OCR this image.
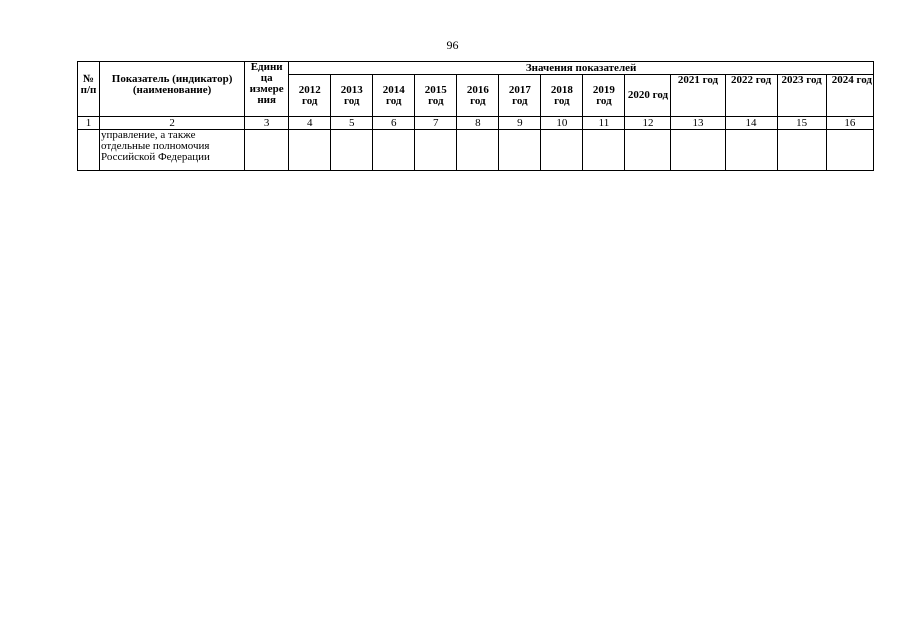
96
№ п/п	Показатель (индикатор) (наименование)	Едини ца измере ния	Значения показателей												
			2012 год	2013 год	2014 год	2015 год	2016 год	2017 год	2018 год	2019 год	2020 год	2021 год	2022 год	2023 год	2024 год
1	2	3	4	5	6	7	8	9	10	11	12	13	14	15	16

	управление, а также
отдельные полномочия
Российской Федерации														
